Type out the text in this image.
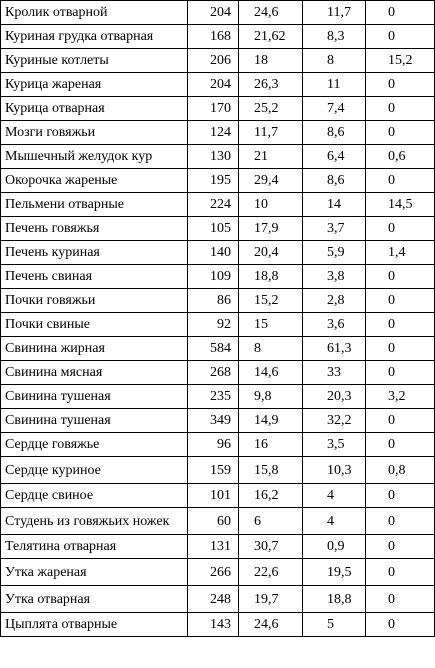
Кролик отварной	204	24,6	11,7	0
Куриная грудка отварная	168	21,62	8,3	0
Куриные котлеты	206	18	8	15,2
Курица жареная	204	26,3	11	0
Курица отварная	170	25,2	7,4	0
Мозги говяжьи	124	11,7	8,6	0
Мышечный желудок кур	130	21	6,4	0,6
Окорочка жареные	195	29,4	8,6	0
Пельмени отварные	224	10	14	14,5
Печень говяжья	105	17,9	3,7	0
Печень куриная	140	20,4	5,9	1,4
Печень свиная	109	18,8	3,8	0
Почки говяжьи	86	15,2	2,8	0
Почки свиные	92	15	3,6	0
Свинина жирная	584	8	61,3	0
Свинина мясная	268	14,6	33	0
Свинина тушеная	235	9,8	20,3	3,2
Свинина тушеная	349	14,9	32,2	0
Сердце говяжье	96	16	3,5	0
Сердце куриное	159	15,8	10,3	0,8
Сердце свиное	101	16,2	4	0
Студень из говяжьих ножек	60	6	4	0
Телятина отварная	131	30,7	0,9	0
Утка жареная	266	22,6	19,5	0
Утка отварная	248	19,7	18,8	0
Цыплята отварные	143	24,6	5	0
